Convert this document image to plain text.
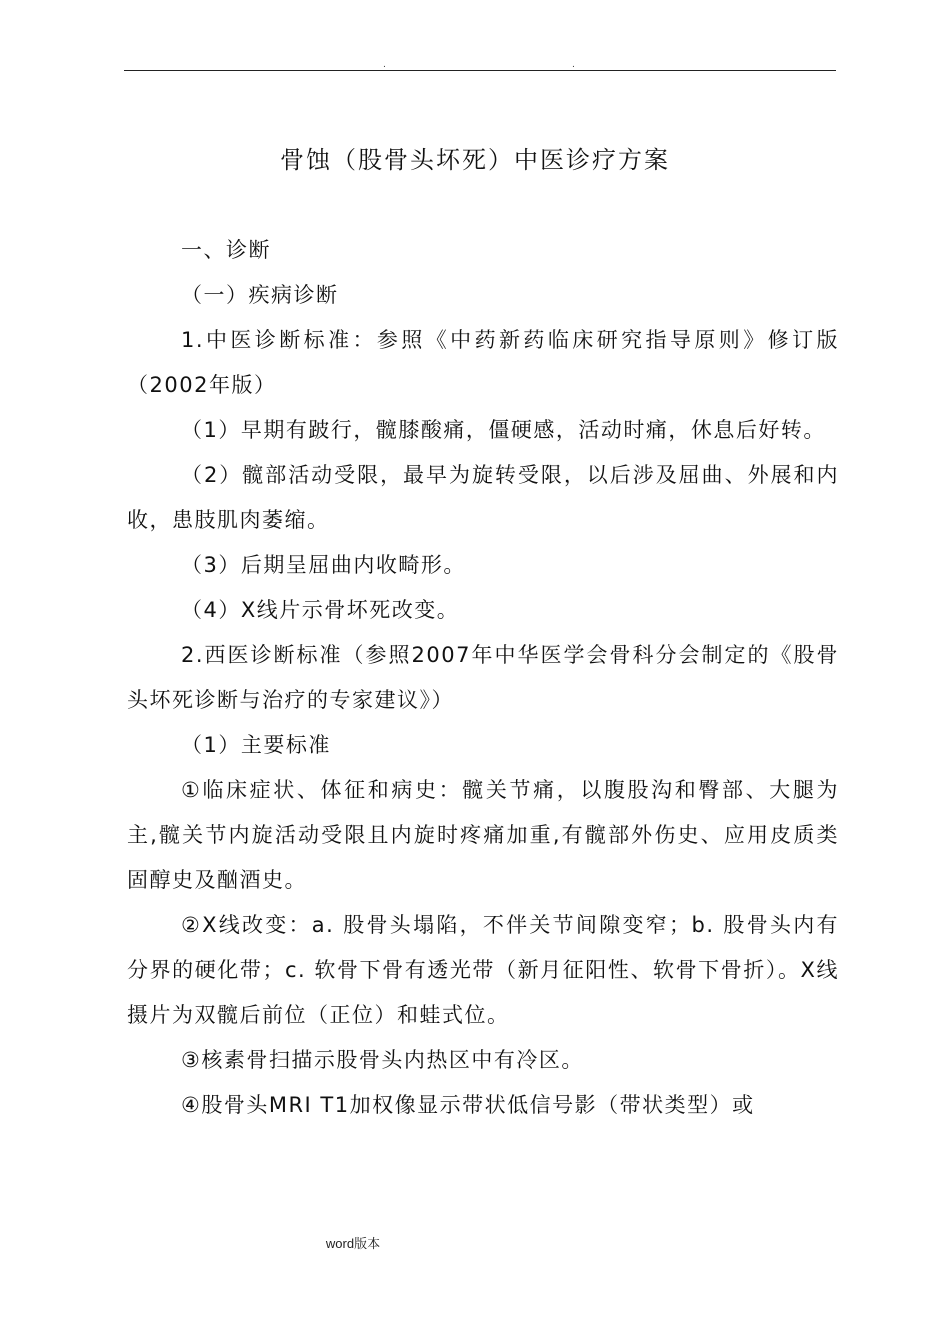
.	.
骨蚀（股骨头坏死）中医诊疗方案

一、诊断

（一）疾病诊断

1.中医诊断标准：参照《中药新药临床研究指导原则》修订版（2002年版）

（1）早期有跛行，髋膝酸痛，僵硬感，活动时痛，休息后好转。

（2）髋部活动受限，最早为旋转受限，以后涉及屈曲、外展和内收，患肢肌肉萎缩。

（3）后期呈屈曲内收畸形。

（4）X线片示骨坏死改变。

2.西医诊断标准（参照2007年中华医学会骨科分会制定的《股骨头坏死诊断与治疗的专家建议》）

（1）主要标准

①临床症状、体征和病史：髋关节痛，以腹股沟和臀部、大腿为主,髋关节内旋活动受限且内旋时疼痛加重,有髋部外伤史、应用皮质类固醇史及酗酒史。

②X线改变：a. 股骨头塌陷，不伴关节间隙变窄；b. 股骨头内有分界的硬化带；c. 软骨下骨有透光带（新月征阳性、软骨下骨折）。X线摄片为双髋后前位（正位）和蛙式位。

③核素骨扫描示股骨头内热区中有冷区。

④股骨头MRI T1加权像显示带状低信号影（带状类型）或

word版本
